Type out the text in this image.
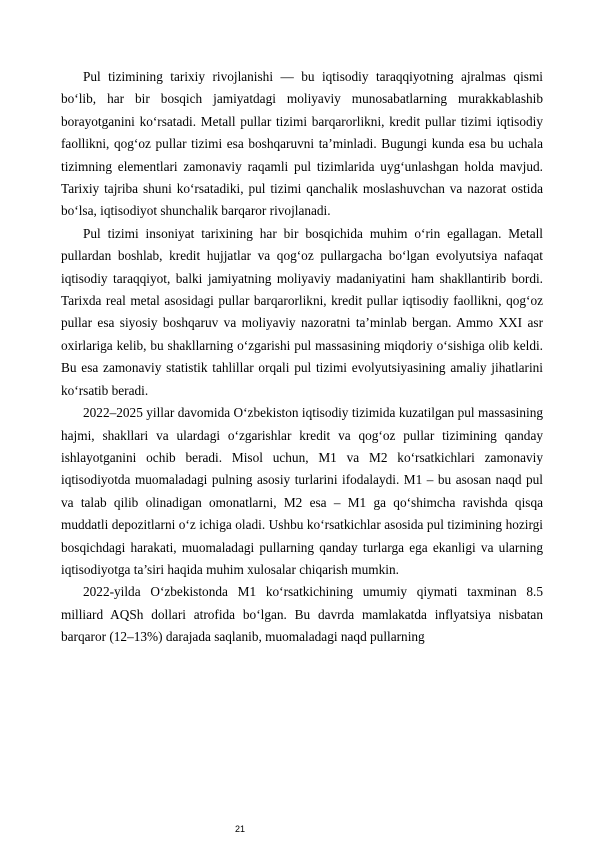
Pul tizimining tarixiy rivojlanishi — bu iqtisodiy taraqqiyotning ajralmas qismi bo‘lib, har bir bosqich jamiyatdagi moliyaviy munosabatlarning murakkablashib borayotganini ko‘rsatadi. Metall pullar tizimi barqarorlikni, kredit pullar tizimi iqtisodiy faollikni, qog‘oz pullar tizimi esa boshqaruvni ta’minladi. Bugungi kunda esa bu uchala tizimning elementlari zamonaviy raqamli pul tizimlarida uyg‘unlashgan holda mavjud. Tarixiy tajriba shuni ko‘rsatadiki, pul tizimi qanchalik moslashuvchan va nazorat ostida bo‘lsa, iqtisodiyot shunchalik barqaror rivojlanadi.

Pul tizimi insoniyat tarixining har bir bosqichida muhim o‘rin egallagan. Metall pullardan boshlab, kredit hujjatlar va qog‘oz pullargacha bo‘lgan evolyutsiya nafaqat iqtisodiy taraqqiyot, balki jamiyatning moliyaviy madaniyatini ham shakllantirib bordi. Tarixda real metal asosidagi pullar barqarorlikni, kredit pullar iqtisodiy faollikni, qog‘oz pullar esa siyosiy boshqaruv va moliyaviy nazoratni ta’minlab bergan. Ammo XXI asr oxirlariga kelib, bu shakllarning o‘zgarishi pul massasining miqdoriy o‘sishiga olib keldi. Bu esa zamonaviy statistik tahlillar orqali pul tizimi evolyutsiyasining amaliy jihatlarini ko‘rsatib beradi.

2022–2025 yillar davomida O‘zbekiston iqtisodiy tizimida kuzatilgan pul massasining hajmi, shakllari va ulardagi o‘zgarishlar kredit va qog‘oz pullar tizimining qanday ishlayotganini ochib beradi. Misol uchun, M1 va M2 ko‘rsatkichlari zamonaviy iqtisodiyotda muomaladagi pulning asosiy turlarini ifodalaydi. M1 – bu asosan naqd pul va talab qilib olinadigan omonatlarni, M2 esa – M1 ga qo‘shimcha ravishda qisqa muddatli depozitlarni o‘z ichiga oladi. Ushbu ko‘rsatkichlar asosida pul tizimining hozirgi bosqichdagi harakati, muomaladagi pullarning qanday turlarga ega ekanligi va ularning iqtisodiyotga ta’siri haqida muhim xulosalar chiqarish mumkin.

2022-yilda O‘zbekistonda M1 ko‘rsatkichining umumiy qiymati taxminan 8.5 milliard AQSh dollari atrofida bo‘lgan. Bu davrda mamlakatda inflyatsiya nisbatan barqaror (12–13%) darajada saqlanib, muomaladagi naqd pullarning

21
